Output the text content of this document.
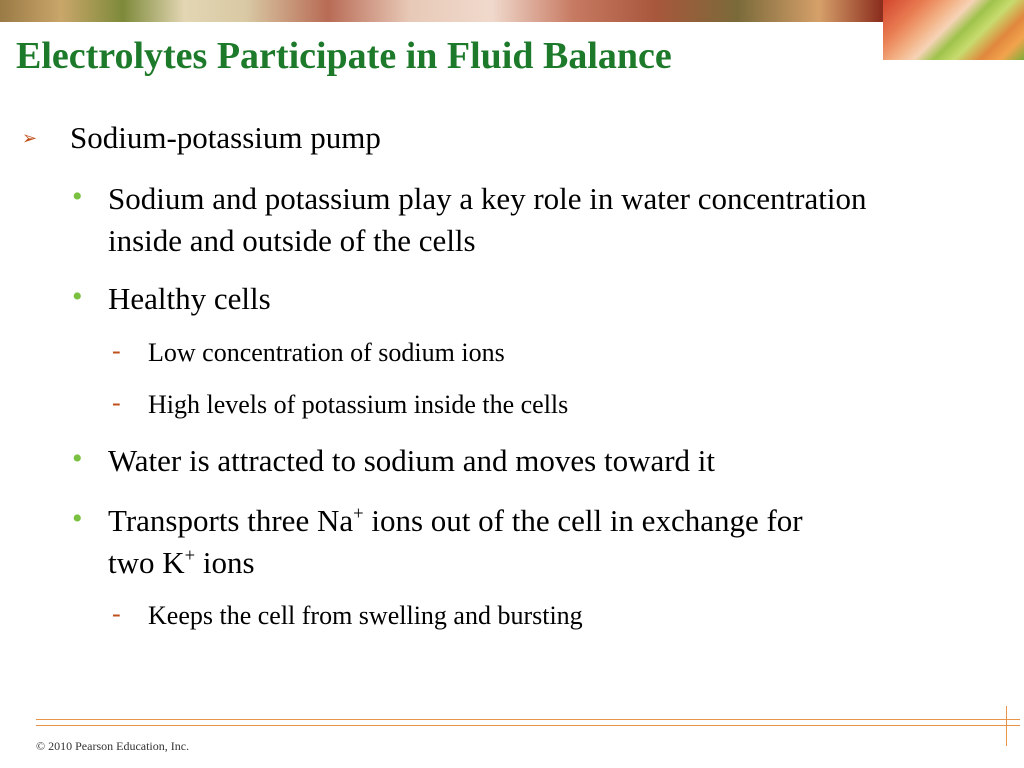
Electrolytes Participate in Fluid Balance
➢ Sodium-potassium pump
• Sodium and potassium play a key role in water concentration inside and outside of the cells
• Healthy cells
- Low concentration of sodium ions
- High levels of potassium inside the cells
• Water is attracted to sodium and moves toward it
• Transports three Na+ ions out of the cell in exchange for
two K+ ions
- Keeps the cell from swelling and bursting
© 2010 Pearson Education, Inc.
